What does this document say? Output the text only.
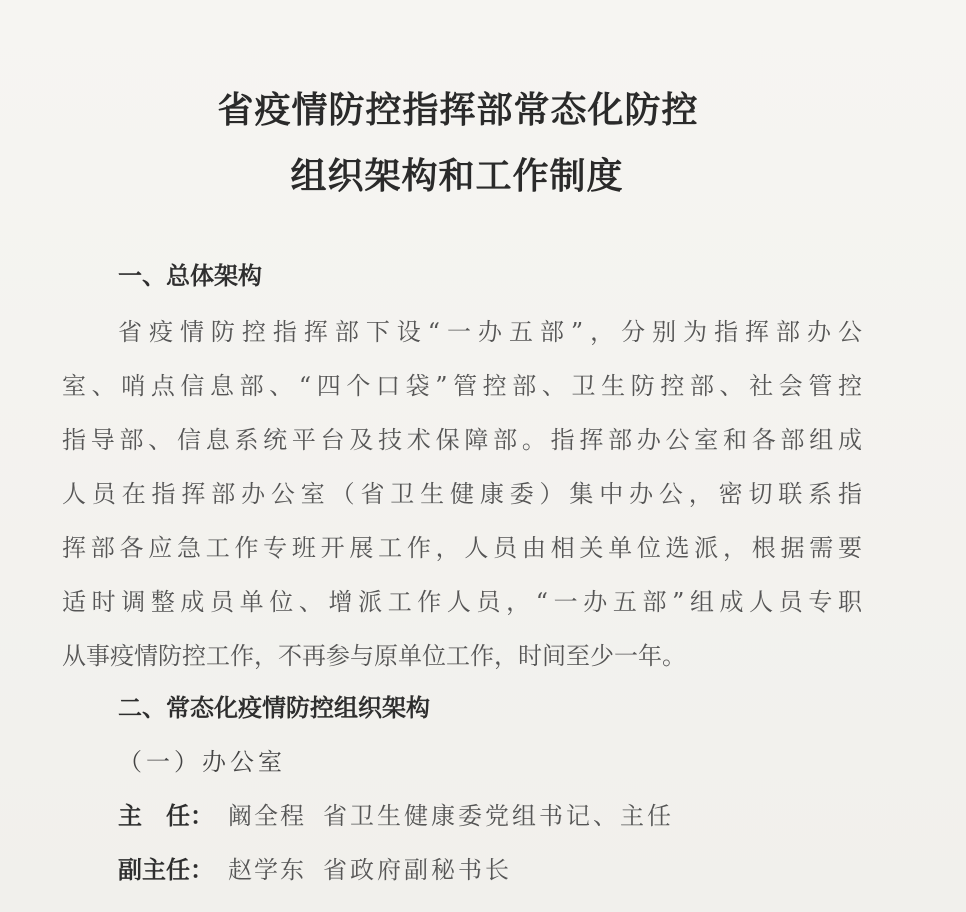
省疫情防控指挥部常态化防控
组织架构和工作制度
一、总体架构
省疫情防控指挥部下设“一办五部”，分别为指挥部办公
室、哨点信息部、“四个口袋”管控部、卫生防控部、社会管控
指导部、信息系统平台及技术保障部。指挥部办公室和各部组成
人员在指挥部办公室（省卫生健康委）集中办公，密切联系指
挥部各应急工作专班开展工作，人员由相关单位选派，根据需要
适时调整成员单位、增派工作人员，“一办五部”组成人员专职
从事疫情防控工作，不再参与原单位工作，时间至少一年。
二、常态化疫情防控组织架构
（一）办公室
主　任： 阚全程 省卫生健康委党组书记、主任
副主任： 赵学东 省政府副秘书长
